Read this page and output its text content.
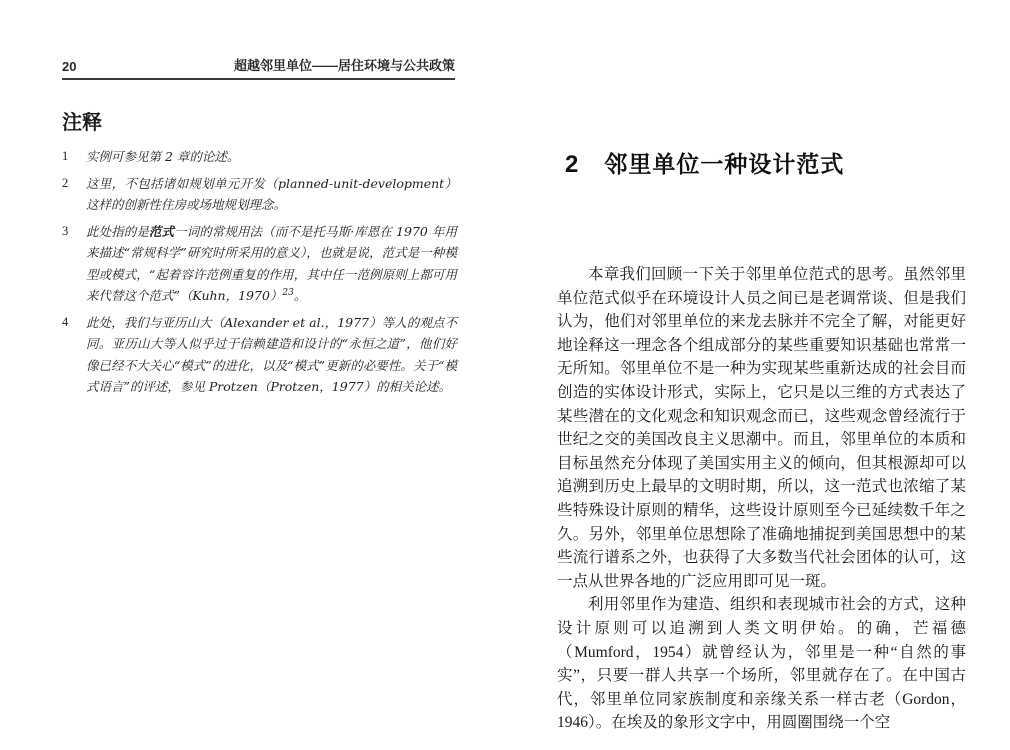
20	超越邻里单位——居住环境与公共政策
注释
1	实例可参见第 2 章的论述。
2	这里，不包括诸如规划单元开发（planned-unit-development）这样的创新性住房或场地规划理念。
3	此处指的是范式一词的常规用法（而不是托马斯·库恩在 1970 年用来描述“常规科学”研究时所采用的意义），也就是说，范式是一种模型或模式，“起着容许范例重复的作用，其中任一范例原则上都可用来代替这个范式”（Kuhn，1970）$^{23}$。
4	此处，我们与亚历山大（Alexander et al.，1977）等人的观点不同。亚历山大等人似乎过于信赖建造和设计的“永恒之道”，他们好像已经不大关心“模式”的进化，以及“模式”更新的必要性。关于“模式语言”的评述，参见 Protzen（Protzen，1977）的相关论述。
2 邻里单位一种设计范式

本章我们回顾一下关于邻里单位范式的思考。虽然邻里单位范式似乎在环境设计人员之间已是老调常谈、但是我们认为，他们对邻里单位的来龙去脉并不完全了解，对能更好地诠释这一理念各个组成部分的某些重要知识基础也常常一无所知。邻里单位不是一种为实现某些重新达成的社会目而创造的实体设计形式，实际上，它只是以三维的方式表达了某些潜在的文化观念和知识观念而已，这些观念曾经流行于世纪之交的美国改良主义思潮中。而且，邻里单位的本质和目标虽然充分体现了美国实用主义的倾向，但其根源却可以追溯到历史上最早的文明时期，所以，这一范式也浓缩了某些特殊设计原则的精华，这些设计原则至今已延续数千年之久。另外，邻里单位思想除了准确地捕捉到美国思想中的某些流行谱系之外，也获得了大多数当代社会团体的认可，这一点从世界各地的广泛应用即可见一斑。

利用邻里作为建造、组织和表现城市社会的方式，这种设计原则可以追溯到人类文明伊始。的确，芒福德（Mumford，1954）就曾经认为，邻里是一种“自然的事实”，只要一群人共享一个场所，邻里就存在了。在中国古代，邻里单位同家族制度和亲缘关系一样古老（Gordon，1946）。在埃及的象形文字中，用圆圈围绕一个空
